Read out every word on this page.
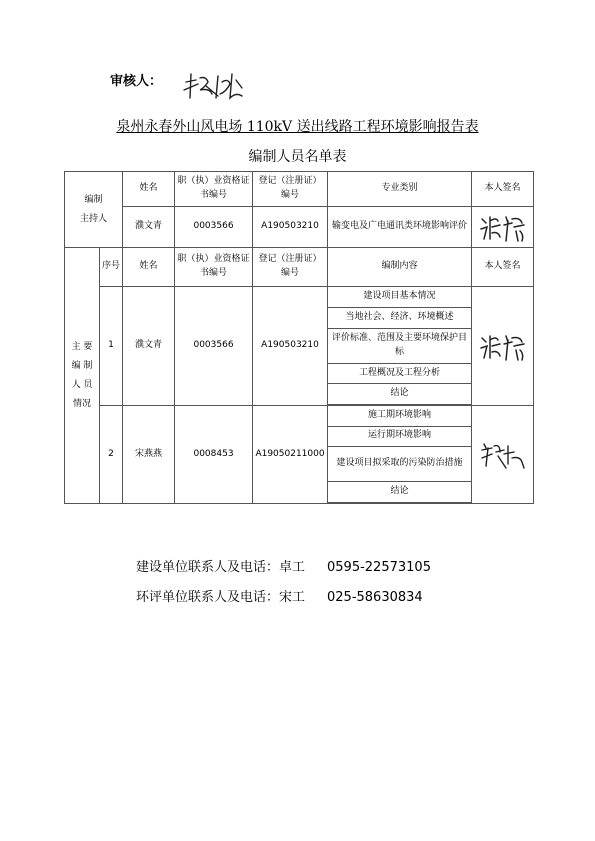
审核人：
泉州永春外山风电场 110kV 送出线路工程环境影响报告表
编制人员名单表
编制
主持人		姓名	职（执）业资格证书编号	登记（注册证）编号	专业类别	本人签名
		濮文青	0003566	A190503210	输变电及广电通讯类环境影响评价	

主 要
编 制
人 员
情况	序号	姓名	职（执）业资格证书编号	登记（注册证）编号	编制内容	本人签名
	1	濮文青	0003566	A190503210	建设项目基本情况	

					当地社会、经济、环境概述	
					评价标准、范围及主要环境保护目标	
					工程概况及工程分析	
					结论	

	2	宋燕燕	0008453	A19050211000	施工期环境影响	

					运行期环境影响	
					建设项目拟采取的污染防治措施	
					结论	

建设单位联系人及电话：卓工 0595-22573105
环评单位联系人及电话：宋工 025-58630834
